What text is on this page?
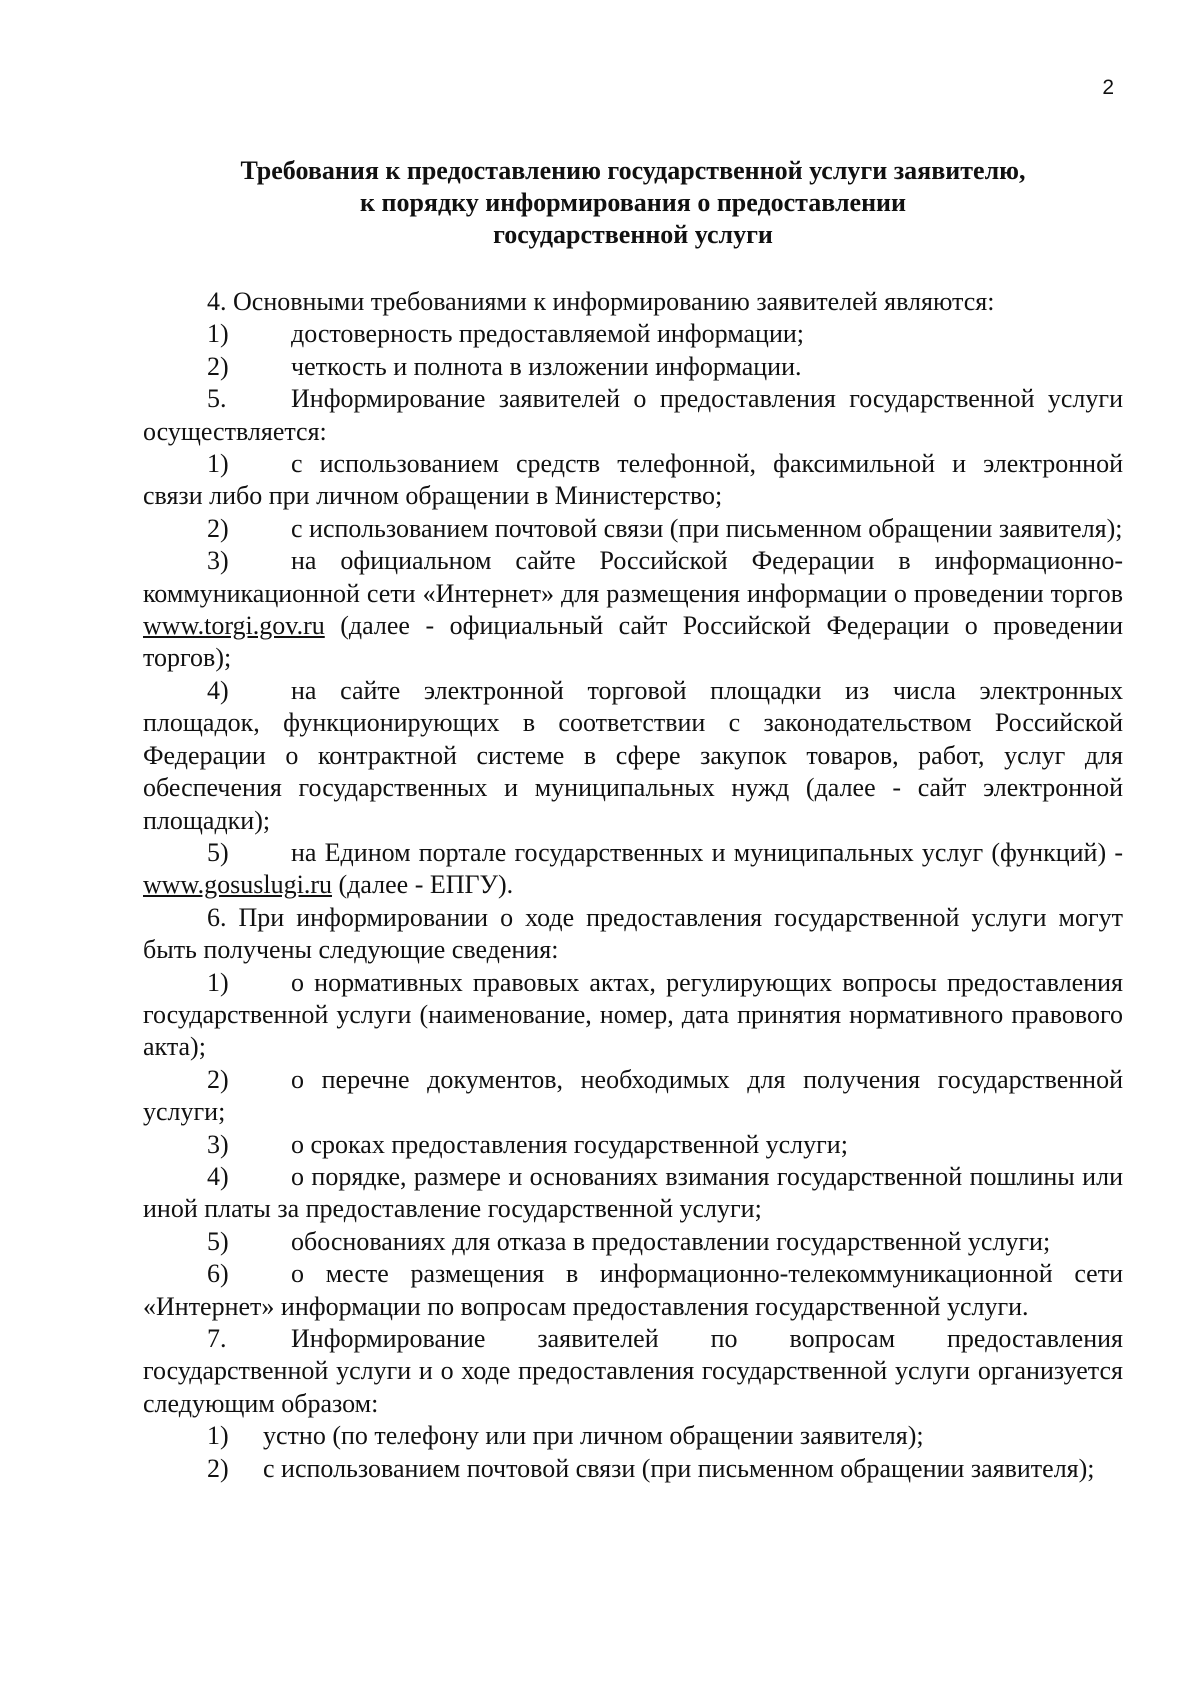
2
Требования к предоставлению государственной услуги заявителю,
к порядку информирования о предоставлении
государственной услуги
4. Основными требованиями к информированию заявителей являются:
1) достоверность предоставляемой информации;
2) четкость и полнота в изложении информации.
5. Информирование заявителей о предоставления государственной услуги осуществляется:
1) с использованием средств телефонной, факсимильной и электронной связи либо при личном обращении в Министерство;
2) с использованием почтовой связи (при письменном обращении заявителя);
3) на официальном сайте Российской Федерации в информационно-коммуникационной сети «Интернет» для размещения информации о проведении торгов www.torgi.gov.ru (далее - официальный сайт Российской Федерации о проведении торгов);
4) на сайте электронной торговой площадки из числа электронных площадок, функционирующих в соответствии с законодательством Российской Федерации о контрактной системе в сфере закупок товаров, работ, услуг для обеспечения государственных и муниципальных нужд (далее - сайт электронной площадки);
5) на Едином портале государственных и муниципальных услуг (функций) - www.gosuslugi.ru (далее - ЕПГУ).
6. При информировании о ходе предоставления государственной услуги могут быть получены следующие сведения:
1) о нормативных правовых актах, регулирующих вопросы предоставления государственной услуги (наименование, номер, дата принятия нормативного правового акта);
2) о перечне документов, необходимых для получения государственной услуги;
3) о сроках предоставления государственной услуги;
4) о порядке, размере и основаниях взимания государственной пошлины или иной платы за предоставление государственной услуги;
5) обоснованиях для отказа в предоставлении государственной услуги;
6) о месте размещения в информационно-телекоммуникационной сети «Интернет» информации по вопросам предоставления государственной услуги.
7. Информирование заявителей по вопросам предоставления государственной услуги и о ходе предоставления государственной услуги организуется следующим образом:
1) устно (по телефону или при личном обращении заявителя);
2) с использованием почтовой связи (при письменном обращении заявителя);
